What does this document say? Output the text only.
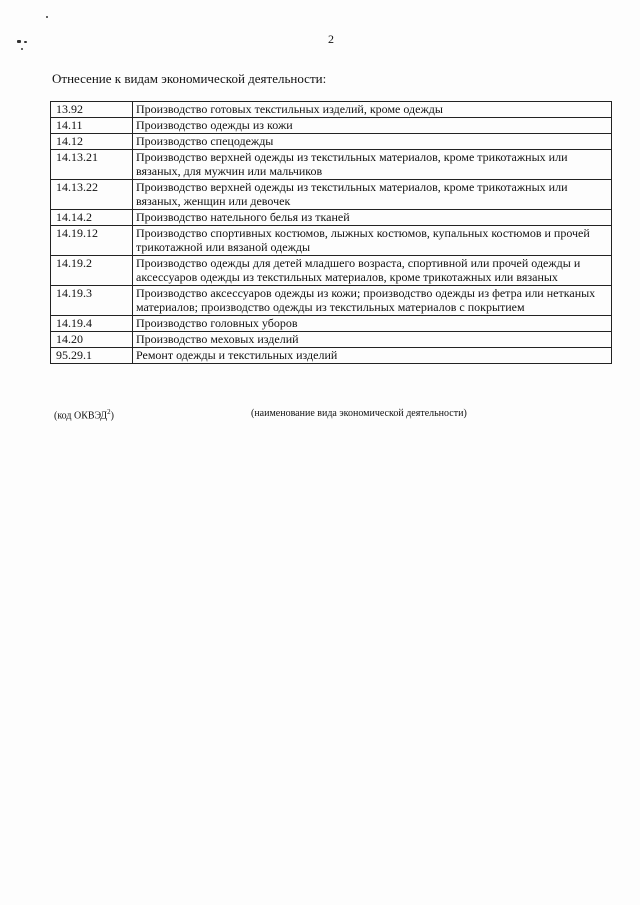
2
Отнесение к видам экономической деятельности:
13.92	Производство готовых текстильных изделий, кроме одежды
14.11	Производство одежды из кожи
14.12	Производство спецодежды
14.13.21	Производство верхней одежды из текстильных материалов, кроме трикотажных или вязаных, для мужчин или мальчиков
14.13.22	Производство верхней одежды из текстильных материалов, кроме трикотажных или вязаных, женщин или девочек
14.14.2	Производство нательного белья из тканей
14.19.12	Производство спортивных костюмов, лыжных костюмов, купальных костюмов и прочей трикотажной или вязаной одежды
14.19.2	Производство одежды для детей младшего возраста, спортивной или прочей одежды и аксессуаров одежды из текстильных материалов, кроме трикотажных или вязаных
14.19.3	Производство аксессуаров одежды из кожи; производство одежды из фетра или нетканых материалов; производство одежды из текстильных материалов с покрытием
14.19.4	Производство головных уборов
14.20	Производство меховых изделий
95.29.1	Ремонт одежды и текстильных изделий
(код ОКВЭД$^2$)	(наименование вида экономической деятельности)
